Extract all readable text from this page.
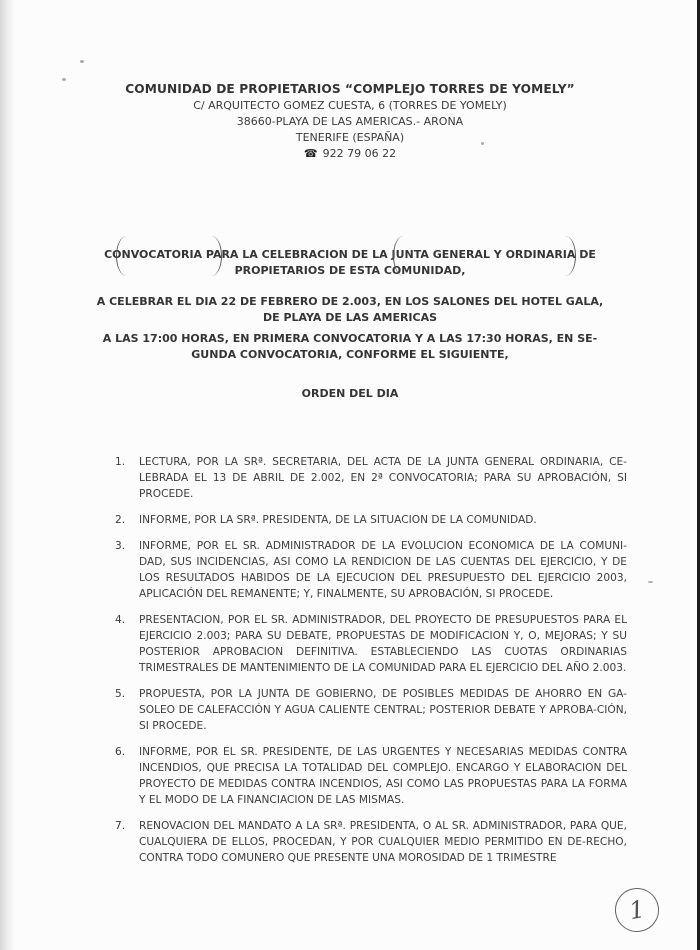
COMUNIDAD DE PROPIETARIOS “COMPLEJO TORRES DE YOMELY”
C/ ARQUITECTO GOMEZ CUESTA, 6 (TORRES DE YOMELY)
38660-PLAYA DE LAS AMERICAS.- ARONA
TENERIFE (ESPAÑA)
☎ 922 79 06 22
CONVOCATORIA PARA LA CELEBRACION DE LA JUNTA GENERAL Y ORDINARIA DE
PROPIETARIOS DE ESTA COMUNIDAD,
A CELEBRAR EL DIA 22 DE FEBRERO DE 2.003, EN LOS SALONES DEL HOTEL GALA,
DE PLAYA DE LAS AMERICAS
A LAS 17:00 HORAS, EN PRIMERA CONVOCATORIA Y A LAS 17:30 HORAS, EN SE-
GUNDA CONVOCATORIA, CONFORME EL SIGUIENTE,
ORDEN DEL DIA
1.	LECTURA, POR LA SRª. SECRETARIA, DEL ACTA DE LA JUNTA GENERAL ORDINARIA, CE-LEBRADA EL 13 DE ABRIL DE 2.002, EN 2ª CONVOCATORIA; PARA SU APROBACIÓN, SI PROCEDE.
2.	INFORME, POR LA SRª. PRESIDENTA, DE LA SITUACION DE LA COMUNIDAD.
3.	INFORME, POR EL SR. ADMINISTRADOR DE LA EVOLUCION ECONOMICA DE LA COMUNI-DAD, SUS INCIDENCIAS, ASI COMO LA RENDICION DE LAS CUENTAS DEL EJERCICIO, Y DE LOS RESULTADOS HABIDOS DE LA EJECUCION DEL PRESUPUESTO DEL EJERCICIO 2003, APLICACIÓN DEL REMANENTE; Y, FINALMENTE, SU APROBACIÓN, SI PROCEDE.
4.	PRESENTACION, POR EL SR. ADMINISTRADOR, DEL PROYECTO DE PRESUPUESTOS PARA EL EJERCICIO 2.003; PARA SU DEBATE, PROPUESTAS DE MODIFICACION Y, O, MEJORAS; Y SU POSTERIOR APROBACION DEFINITIVA. ESTABLECIENDO LAS CUOTAS ORDINARIAS TRIMESTRALES DE MANTENIMIENTO DE LA COMUNIDAD PARA EL EJERCICIO DEL AÑO 2.003.
5.	PROPUESTA, POR LA JUNTA DE GOBIERNO, DE POSIBLES MEDIDAS DE AHORRO EN GA-SOLEO DE CALEFACCIÓN Y AGUA CALIENTE CENTRAL; POSTERIOR DEBATE Y APROBA-CIÓN, SI PROCEDE.
6.	INFORME, POR EL SR. PRESIDENTE, DE LAS URGENTES Y NECESARIAS MEDIDAS CONTRA INCENDIOS, QUE PRECISA LA TOTALIDAD DEL COMPLEJO. ENCARGO Y ELABORACION DEL PROYECTO DE MEDIDAS CONTRA INCENDIOS, ASI COMO LAS PROPUESTAS PARA LA FORMA Y EL MODO DE LA FINANCIACION DE LAS MISMAS.
7.	RENOVACION DEL MANDATO A LA SRª. PRESIDENTA, O AL SR. ADMINISTRADOR, PARA QUE, CUALQUIERA DE ELLOS, PROCEDAN, Y POR CUALQUIER MEDIO PERMITIDO EN DE-RECHO, CONTRA TODO COMUNERO QUE PRESENTE UNA MOROSIDAD DE 1 TRIMESTRE
1
